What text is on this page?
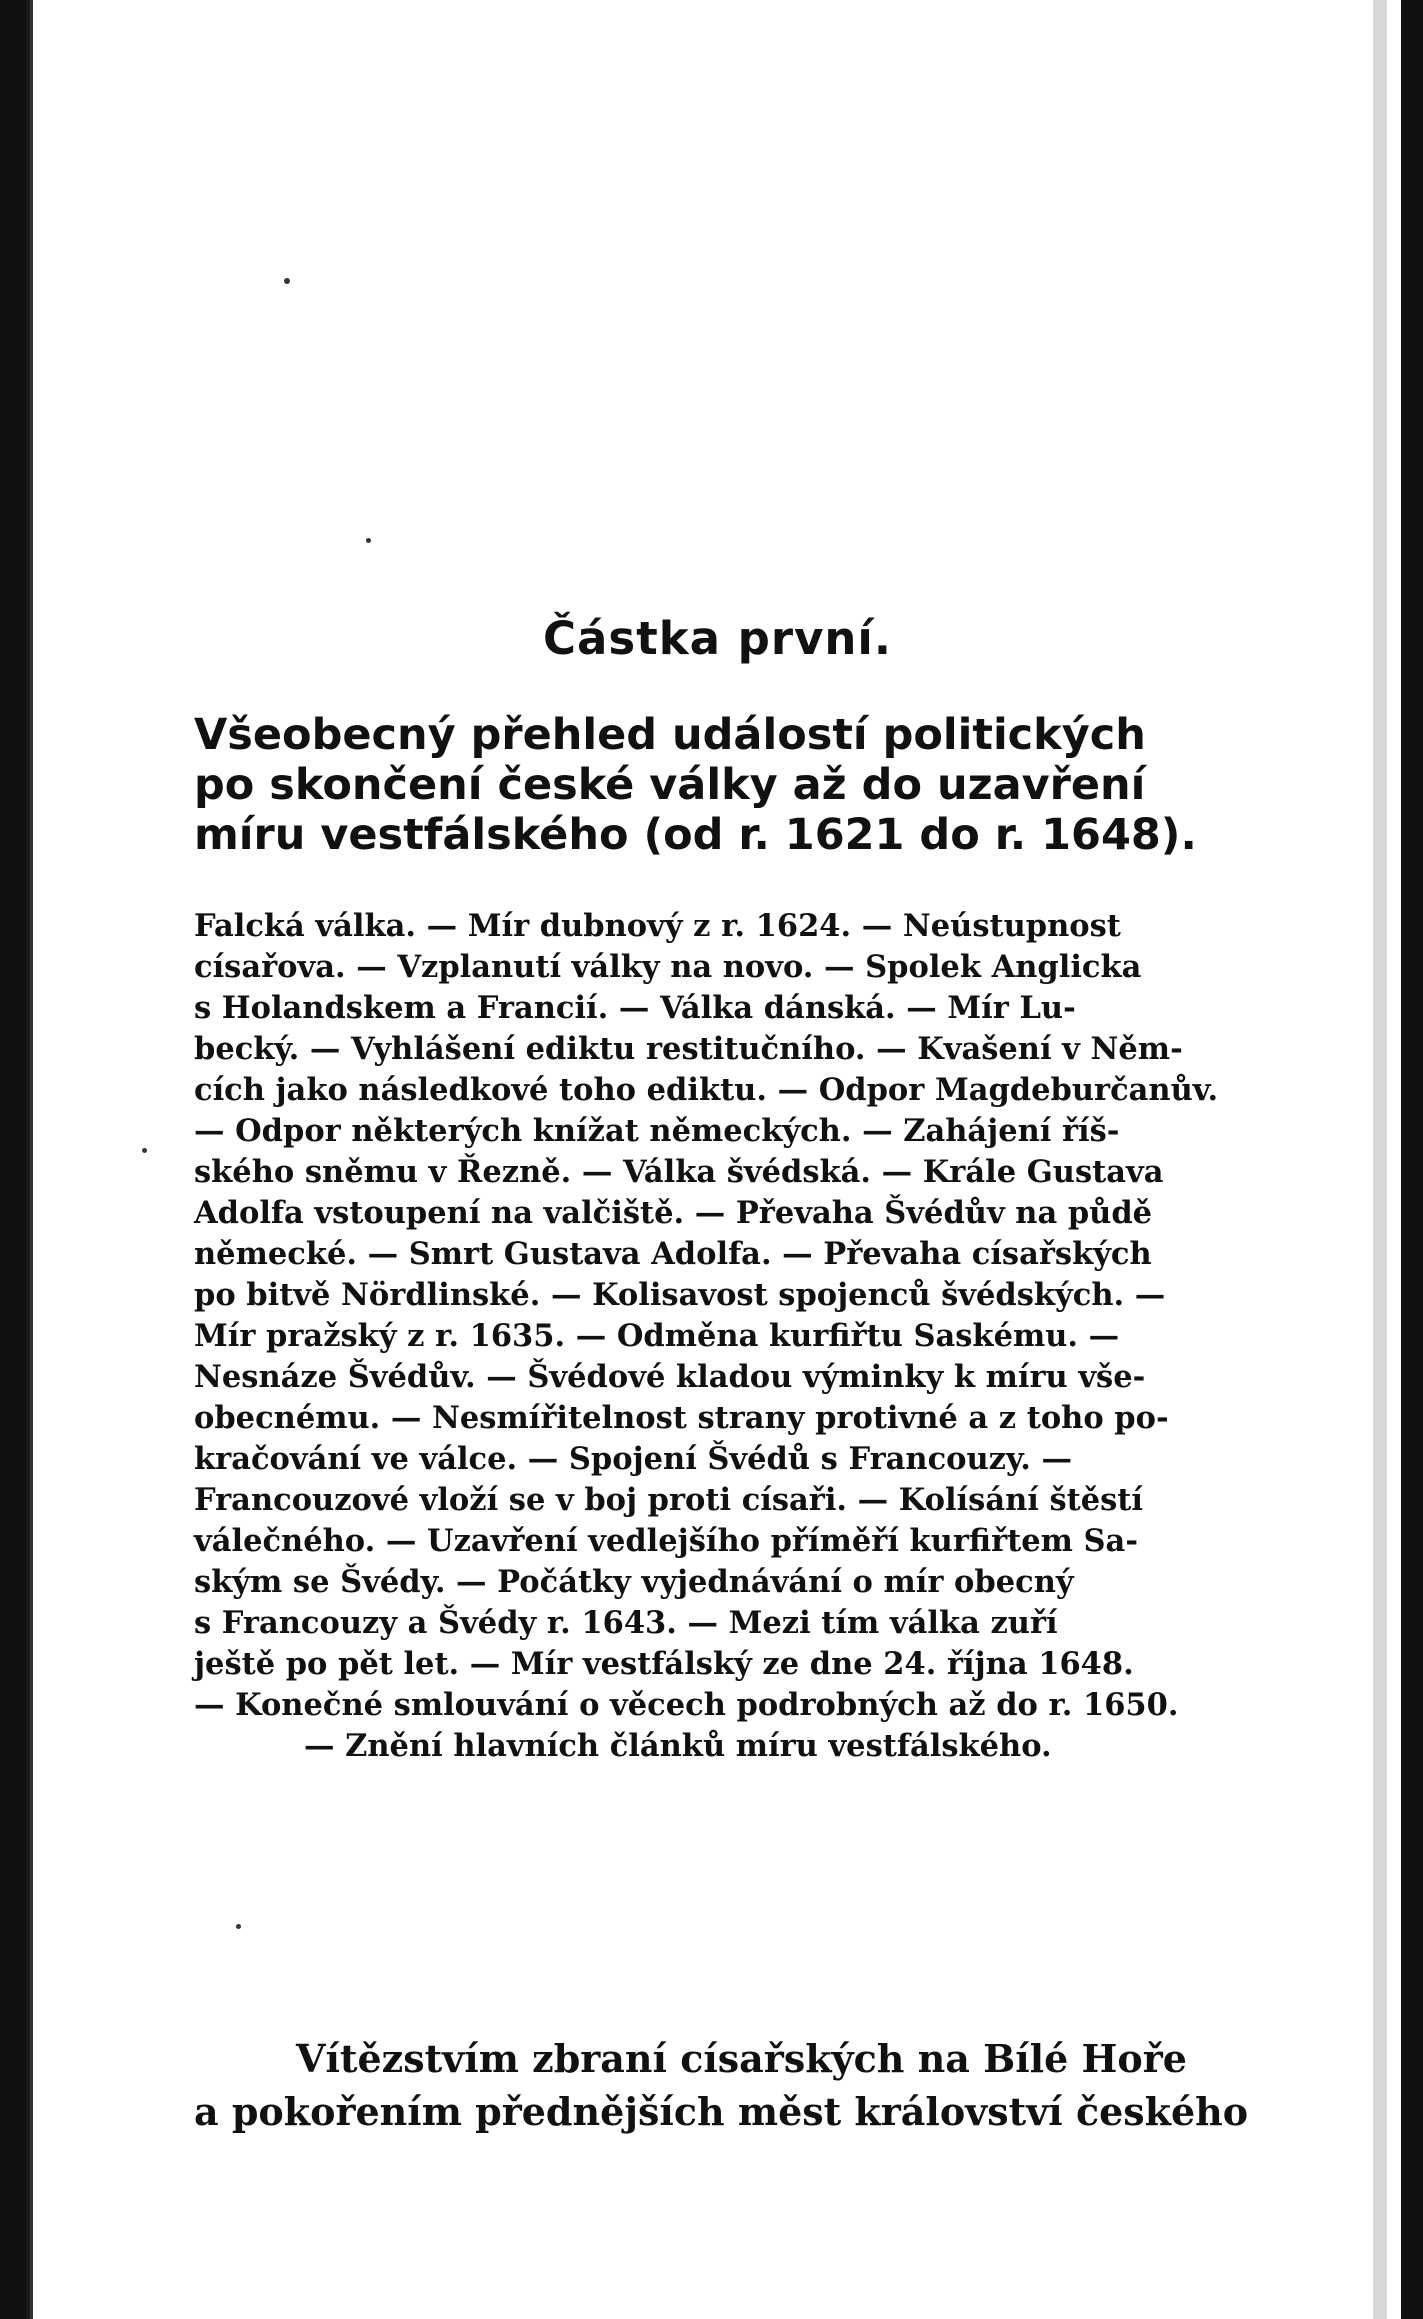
Částka první.
Všeobecný přehled událostí politických
po skončení české války až do uzavření
míru vestfálského (od r. 1621 do r. 1648).
Falcká válka. — Mír dubnový z r. 1624. — Neústupnost
císařova. — Vzplanutí války na novo. — Spolek Anglicka
s Holandskem a Francií. — Válka dánská. — Mír Lu-
becký. — Vyhlášení ediktu restitučního. — Kvašení v Něm-
cích jako následkové toho ediktu. — Odpor Magdeburčanův.
— Odpor některých knížat německých. — Zahájení říš-
ského sněmu v Řezně. — Válka švédská. — Krále Gustava
Adolfa vstoupení na valčiště. — Převaha Švédův na půdě
německé. — Smrt Gustava Adolfa. — Převaha císařských
po bitvě Nördlinské. — Kolisavost spojenců švédských. —
Mír pražský z r. 1635. — Odměna kurfiřtu Saskému. —
Nesnáze Švédův. — Švédové kladou výminky k míru vše-
obecnému. — Nesmířitelnost strany protivné a z toho po-
kračování ve válce. — Spojení Švédů s Francouzy. —
Francouzové vloží se v boj proti císaři. — Kolísání štěstí
válečného. — Uzavření vedlejšího příměří kurfiřtem Sa-
ským se Švédy. — Počátky vyjednávání o mír obecný
s Francouzy a Švédy r. 1643. — Mezi tím válka zuří
ještě po pět let. — Mír vestfálský ze dne 24. října 1648.
— Konečné smlouvání o věcech podrobných až do r. 1650.
— Znění hlavních článků míru vestfálského.
Vítězstvím zbraní císařských na Bílé Hoře
a pokořením přednějších měst království českého
